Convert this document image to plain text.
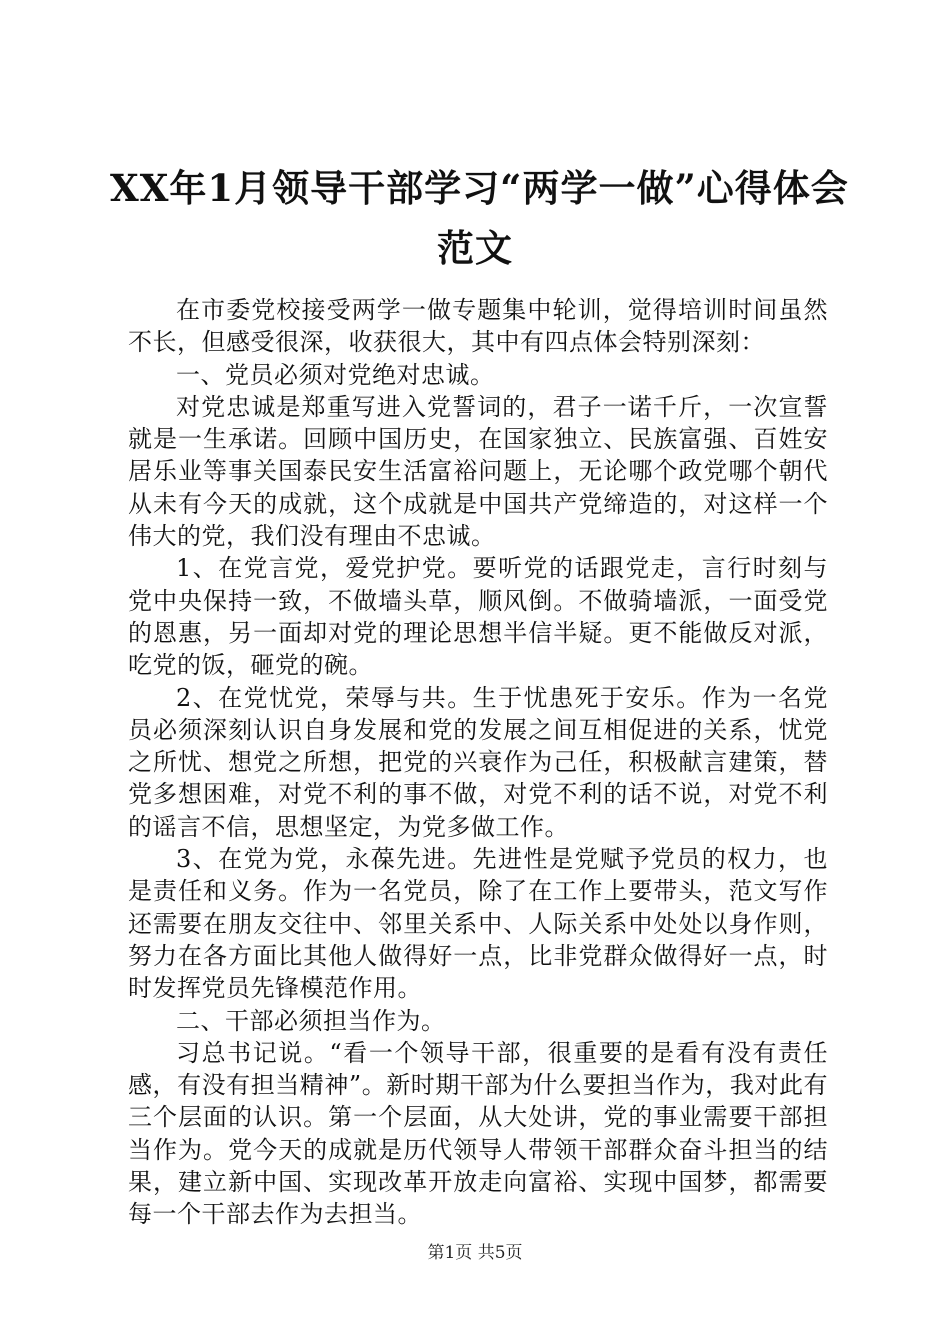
XX年1月领导干部学习“两学一做”心得体会
范文

在市委党校接受两学一做专题集中轮训，觉得培训时间虽然不长，但感受很深，收获很大，其中有四点体会特别深刻：

一、党员必须对党绝对忠诚。

对党忠诚是郑重写进入党誓词的，君子一诺千斤，一次宣誓就是一生承诺。回顾中国历史，在国家独立、民族富强、百姓安居乐业等事关国泰民安生活富裕问题上，无论哪个政党哪个朝代从未有今天的成就，这个成就是中国共产党缔造的，对这样一个伟大的党，我们没有理由不忠诚。

1、在党言党，爱党护党。要听党的话跟党走，言行时刻与党中央保持一致，不做墙头草，顺风倒。不做骑墙派，一面受党的恩惠，另一面却对党的理论思想半信半疑。更不能做反对派，吃党的饭，砸党的碗。

2、在党忧党，荣辱与共。生于忧患死于安乐。作为一名党员必须深刻认识自身发展和党的发展之间互相促进的关系，忧党之所忧、想党之所想，把党的兴衰作为己任，积极献言建策，替党多想困难，对党不利的事不做，对党不利的话不说，对党不利的谣言不信，思想坚定，为党多做工作。

3、在党为党，永葆先进。先进性是党赋予党员的权力，也是责任和义务。作为一名党员，除了在工作上要带头，范文写作还需要在朋友交往中、邻里关系中、人际关系中处处以身作则，努力在各方面比其他人做得好一点，比非党群众做得好一点，时时发挥党员先锋模范作用。

二、干部必须担当作为。

习总书记说。“看一个领导干部，很重要的是看有没有责任感，有没有担当精神”。新时期干部为什么要担当作为，我对此有三个层面的认识。第一个层面，从大处讲，党的事业需要干部担当作为。党今天的成就是历代领导人带领干部群众奋斗担当的结果，建立新中国、实现改革开放走向富裕、实现中国梦，都需要每一个干部去作为去担当。

第1页 共5页
